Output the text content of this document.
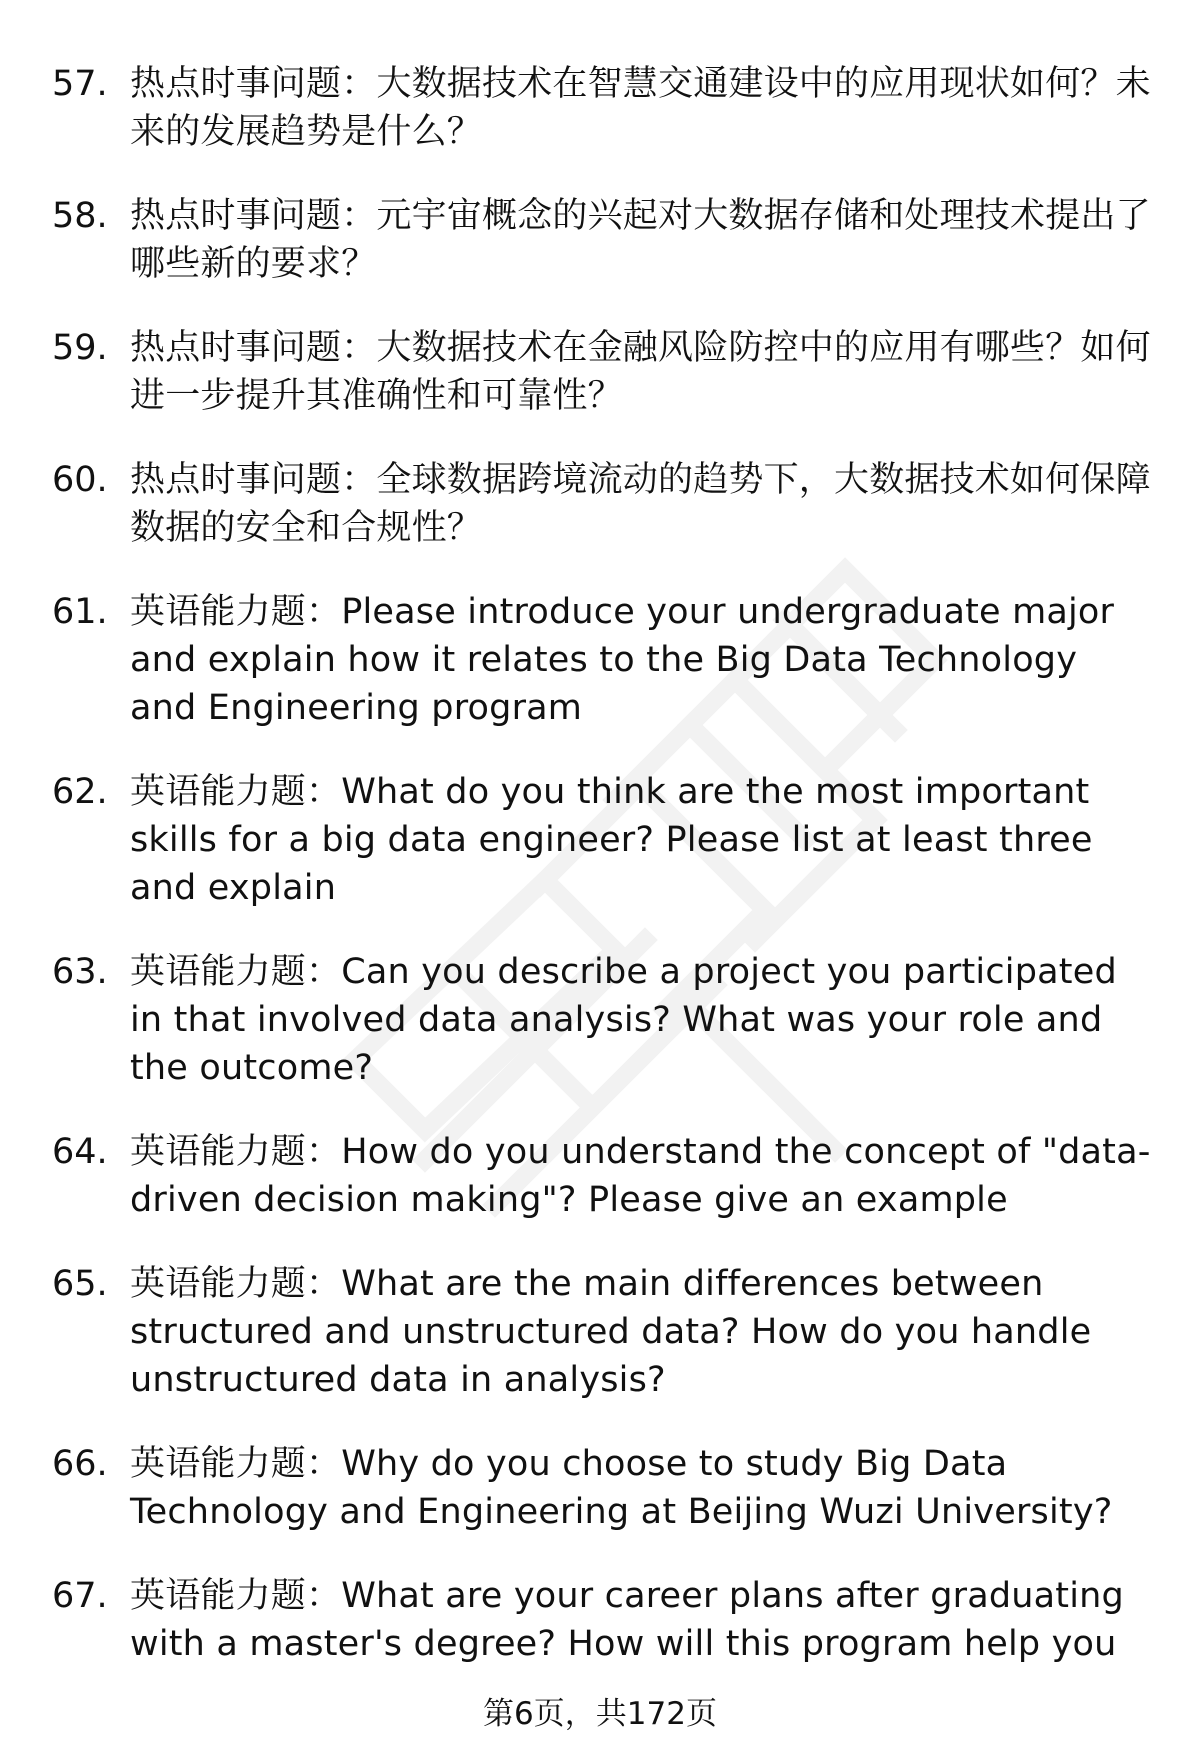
57. 热点时事问题：大数据技术在智慧交通建设中的应用现状如何？未来的发展趋势是什么？
58. 热点时事问题：元宇宙概念的兴起对大数据存储和处理技术提出了哪些新的要求？
59. 热点时事问题：大数据技术在金融风险防控中的应用有哪些？如何进一步提升其准确性和可靠性？
60. 热点时事问题：全球数据跨境流动的趋势下，大数据技术如何保障数据的安全和合规性？
61. 英语能力题：Please introduce your undergraduate major and explain how it relates to the Big Data Technology and Engineering program
62. 英语能力题：What do you think are the most important skills for a big data engineer? Please list at least three and explain
63. 英语能力题：Can you describe a project you participated in that involved data analysis? What was your role and the outcome?
64. 英语能力题：How do you understand the concept of "data-driven decision making"? Please give an example
65. 英语能力题：What are the main differences between structured and unstructured data? How do you handle unstructured data in analysis?
66. 英语能力题：Why do you choose to study Big Data Technology and Engineering at Beijing Wuzi University?
67. 英语能力题：What are your career plans after graduating with a master's degree? How will this program help you
第6页，共172页
